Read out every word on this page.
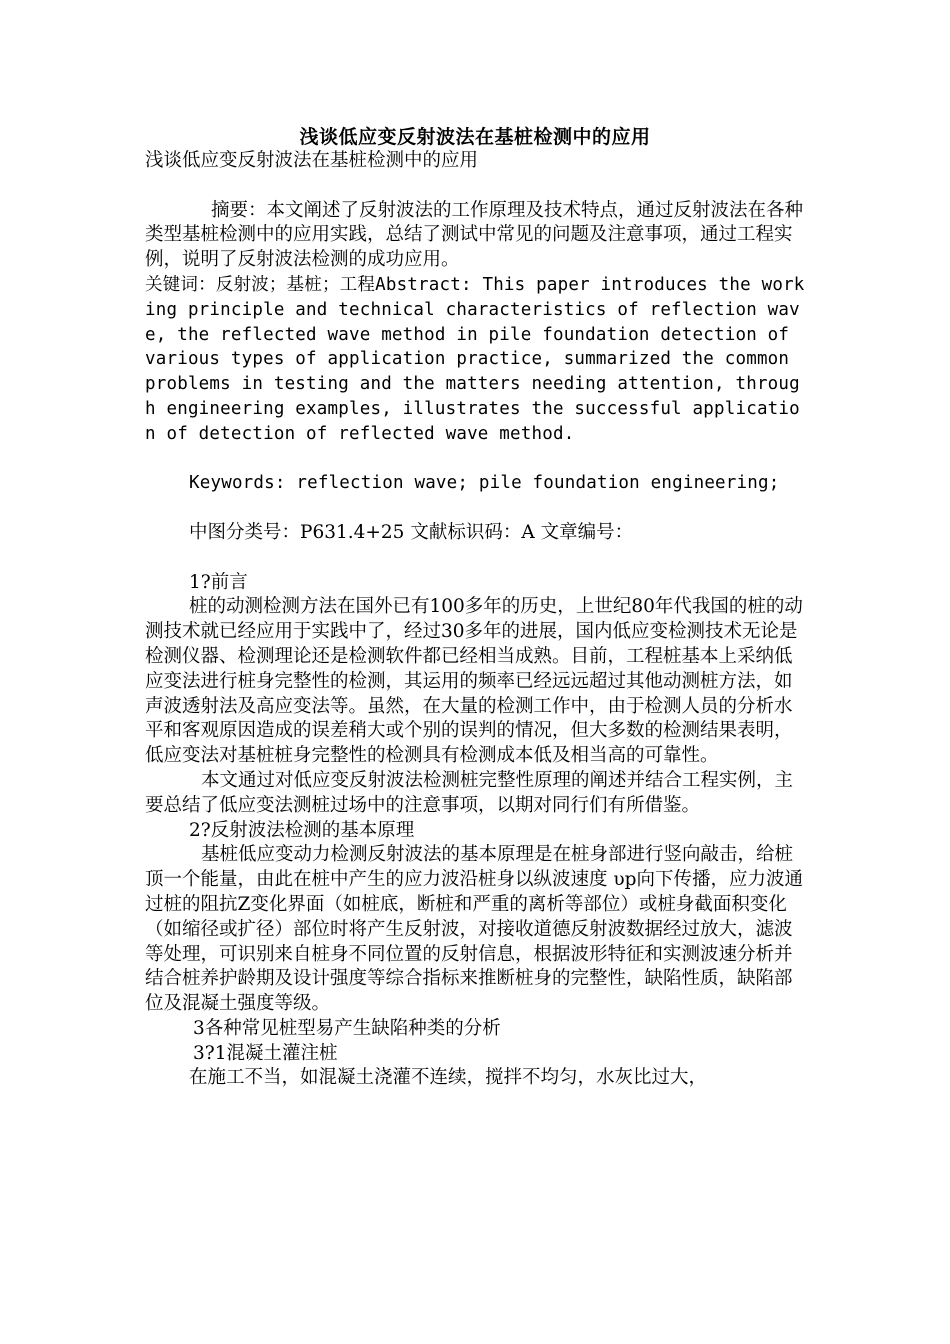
浅谈低应变反射波法在基桩检测中的应用

浅谈低应变反射波法在基桩检测中的应用

摘要：本文阐述了反射波法的工作原理及技术特点，通过反射波法在各种类型基桩检测中的应用实践，总结了测试中常见的问题及注意事项，通过工程实例，说明了反射波法检测的成功应用。

关键词：反射波；基桩；工程Abstract: This paper introduces the working principle and technical characteristics of reflection wave, the reflected wave method in pile foundation detection of various types of application practice, summarized the common problems in testing and the matters needing attention, through engineering examples, illustrates the successful application of detection of reflected wave method.

Keywords: reflection wave; pile foundation engineering;

中图分类号：P631.4+25 文献标识码：A 文章编号：

1?前言

桩的动测检测方法在国外已有100多年的历史，上世纪80年代我国的桩的动测技术就已经应用于实践中了，经过30多年的进展，国内低应变检测技术无论是检测仪器、检测理论还是检测软件都已经相当成熟。目前，工程桩基本上采纳低应变法进行桩身完整性的检测，其运用的频率已经远远超过其他动测桩方法，如声波透射法及高应变法等。虽然，在大量的检测工作中，由于检测人员的分析水平和客观原因造成的误差稍大或个别的误判的情况，但大多数的检测结果表明，低应变法对基桩桩身完整性的检测具有检测成本低及相当高的可靠性。

本文通过对低应变反射波法检测桩完整性原理的阐述并结合工程实例，主要总结了低应变法测桩过场中的注意事项，以期对同行们有所借鉴。

2?反射波法检测的基本原理

基桩低应变动力检测反射波法的基本原理是在桩身部进行竖向敲击，给桩顶一个能量，由此在桩中产生的应力波沿桩身以纵波速度 υp向下传播，应力波通过桩的阻抗Z变化界面（如桩底，断桩和严重的离析等部位）或桩身截面积变化（如缩径或扩径）部位时将产生反射波，对接收道德反射波数据经过放大，滤波等处理，可识别来自桩身不同位置的反射信息，根据波形特征和实测波速分析并结合桩养护龄期及设计强度等综合指标来推断桩身的完整性，缺陷性质，缺陷部位及混凝土强度等级。

3各种常见桩型易产生缺陷种类的分析

3?1混凝土灌注桩

在施工不当，如混凝土浇灌不连续，搅拌不均匀，水灰比过大，
